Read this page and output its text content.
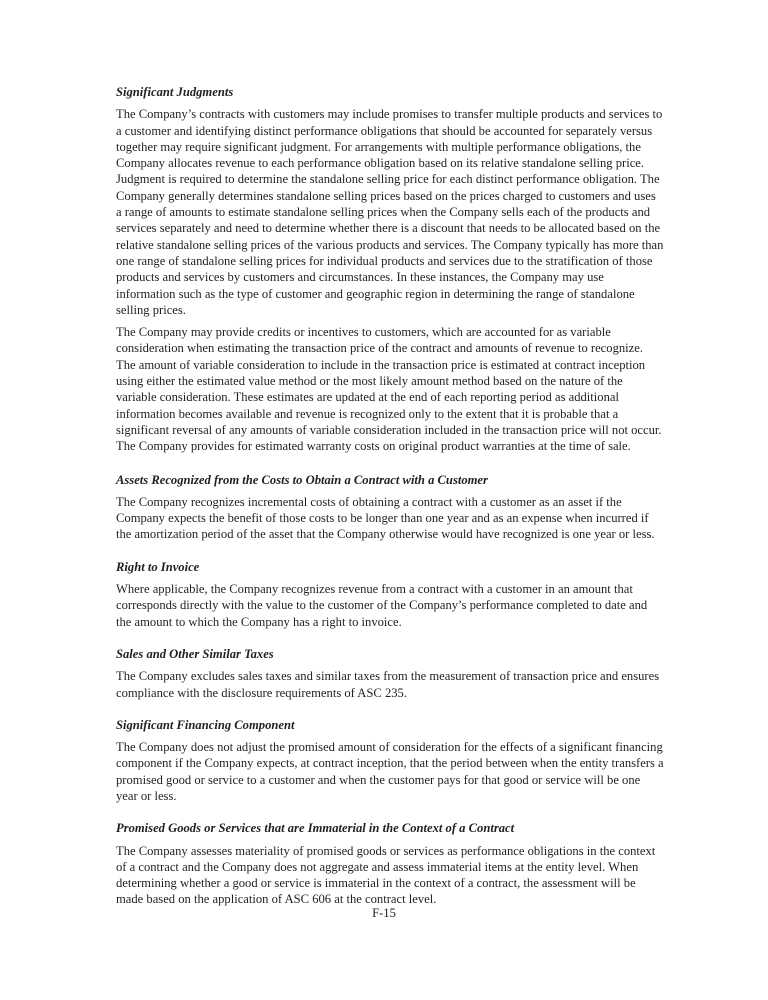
Significant Judgments
The Company’s contracts with customers may include promises to transfer multiple products and services to
a customer and identifying distinct performance obligations that should be accounted for separately versus
together may require significant judgment. For arrangements with multiple performance obligations, the
Company allocates revenue to each performance obligation based on its relative standalone selling price.
Judgment is required to determine the standalone selling price for each distinct performance obligation. The
Company generally determines standalone selling prices based on the prices charged to customers and uses
a range of amounts to estimate standalone selling prices when the Company sells each of the products and
services separately and need to determine whether there is a discount that needs to be allocated based on the
relative standalone selling prices of the various products and services. The Company typically has more than
one range of standalone selling prices for individual products and services due to the stratification of those
products and services by customers and circumstances. In these instances, the Company may use
information such as the type of customer and geographic region in determining the range of standalone
selling prices.
The Company may provide credits or incentives to customers, which are accounted for as variable
consideration when estimating the transaction price of the contract and amounts of revenue to recognize.
The amount of variable consideration to include in the transaction price is estimated at contract inception
using either the estimated value method or the most likely amount method based on the nature of the
variable consideration. These estimates are updated at the end of each reporting period as additional
information becomes available and revenue is recognized only to the extent that it is probable that a
significant reversal of any amounts of variable consideration included in the transaction price will not occur.
The Company provides for estimated warranty costs on original product warranties at the time of sale.
Assets Recognized from the Costs to Obtain a Contract with a Customer
The Company recognizes incremental costs of obtaining a contract with a customer as an asset if the
Company expects the benefit of those costs to be longer than one year and as an expense when incurred if
the amortization period of the asset that the Company otherwise would have recognized is one year or less.
Right to Invoice
Where applicable, the Company recognizes revenue from a contract with a customer in an amount that
corresponds directly with the value to the customer of the Company’s performance completed to date and
the amount to which the Company has a right to invoice.
Sales and Other Similar Taxes
The Company excludes sales taxes and similar taxes from the measurement of transaction price and ensures
compliance with the disclosure requirements of ASC 235.
Significant Financing Component
The Company does not adjust the promised amount of consideration for the effects of a significant financing
component if the Company expects, at contract inception, that the period between when the entity transfers a
promised good or service to a customer and when the customer pays for that good or service will be one
year or less.
Promised Goods or Services that are Immaterial in the Context of a Contract
The Company assesses materiality of promised goods or services as performance obligations in the context
of a contract and the Company does not aggregate and assess immaterial items at the entity level. When
determining whether a good or service is immaterial in the context of a contract, the assessment will be
made based on the application of ASC 606 at the contract level.
F-15
